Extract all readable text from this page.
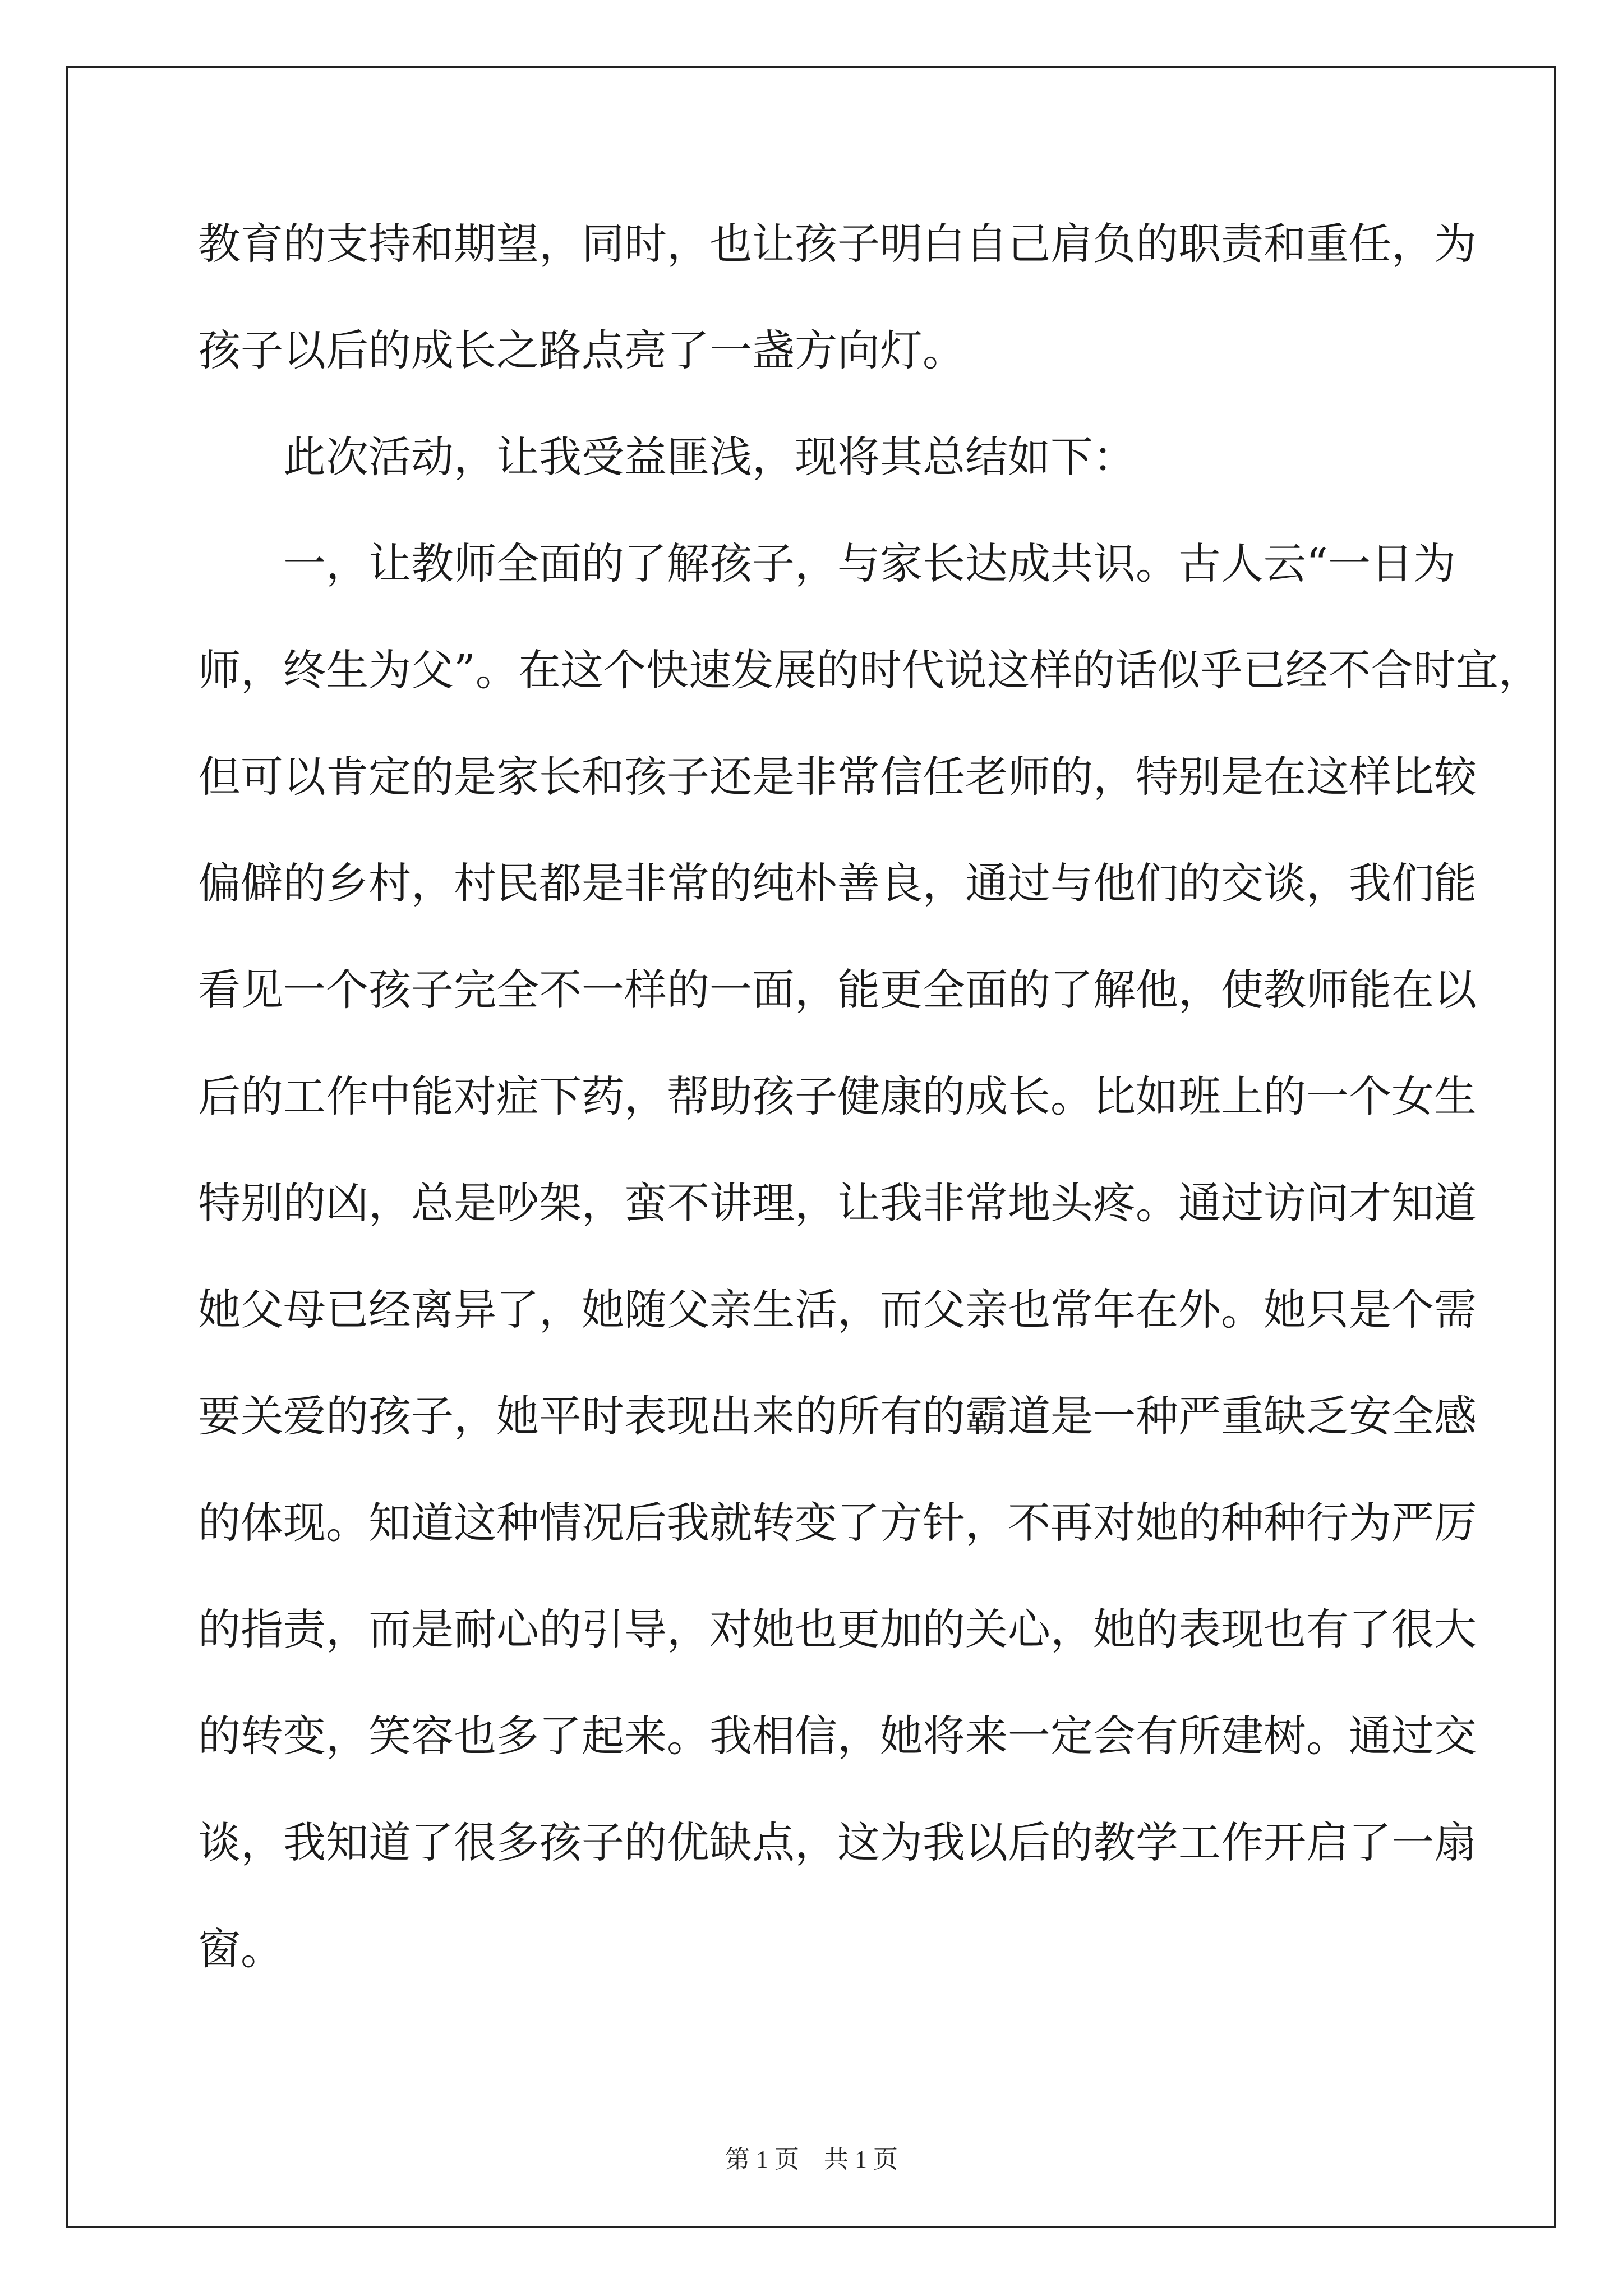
教育的支持和期望，同时，也让孩子明白自己肩负的职责和重任，为
孩子以后的成长之路点亮了一盏方向灯。
　　此次活动，让我受益匪浅，现将其总结如下：
　　一，让教师全面的了解孩子，与家长达成共识。古人云“一日为
师，终生为父”。在这个快速发展的时代说这样的话似乎已经不合时宜，
但可以肯定的是家长和孩子还是非常信任老师的，特别是在这样比较
偏僻的乡村，村民都是非常的纯朴善良，通过与他们的交谈，我们能
看见一个孩子完全不一样的一面，能更全面的了解他，使教师能在以
后的工作中能对症下药，帮助孩子健康的成长。比如班上的一个女生
特别的凶，总是吵架，蛮不讲理，让我非常地头疼。通过访问才知道
她父母已经离异了，她随父亲生活，而父亲也常年在外。她只是个需
要关爱的孩子，她平时表现出来的所有的霸道是一种严重缺乏安全感
的体现。知道这种情况后我就转变了方针，不再对她的种种行为严厉
的指责，而是耐心的引导，对她也更加的关心，她的表现也有了很大
的转变，笑容也多了起来。我相信，她将来一定会有所建树。通过交
谈，我知道了很多孩子的优缺点，这为我以后的教学工作开启了一扇
窗。
第 1 页　共 1 页
